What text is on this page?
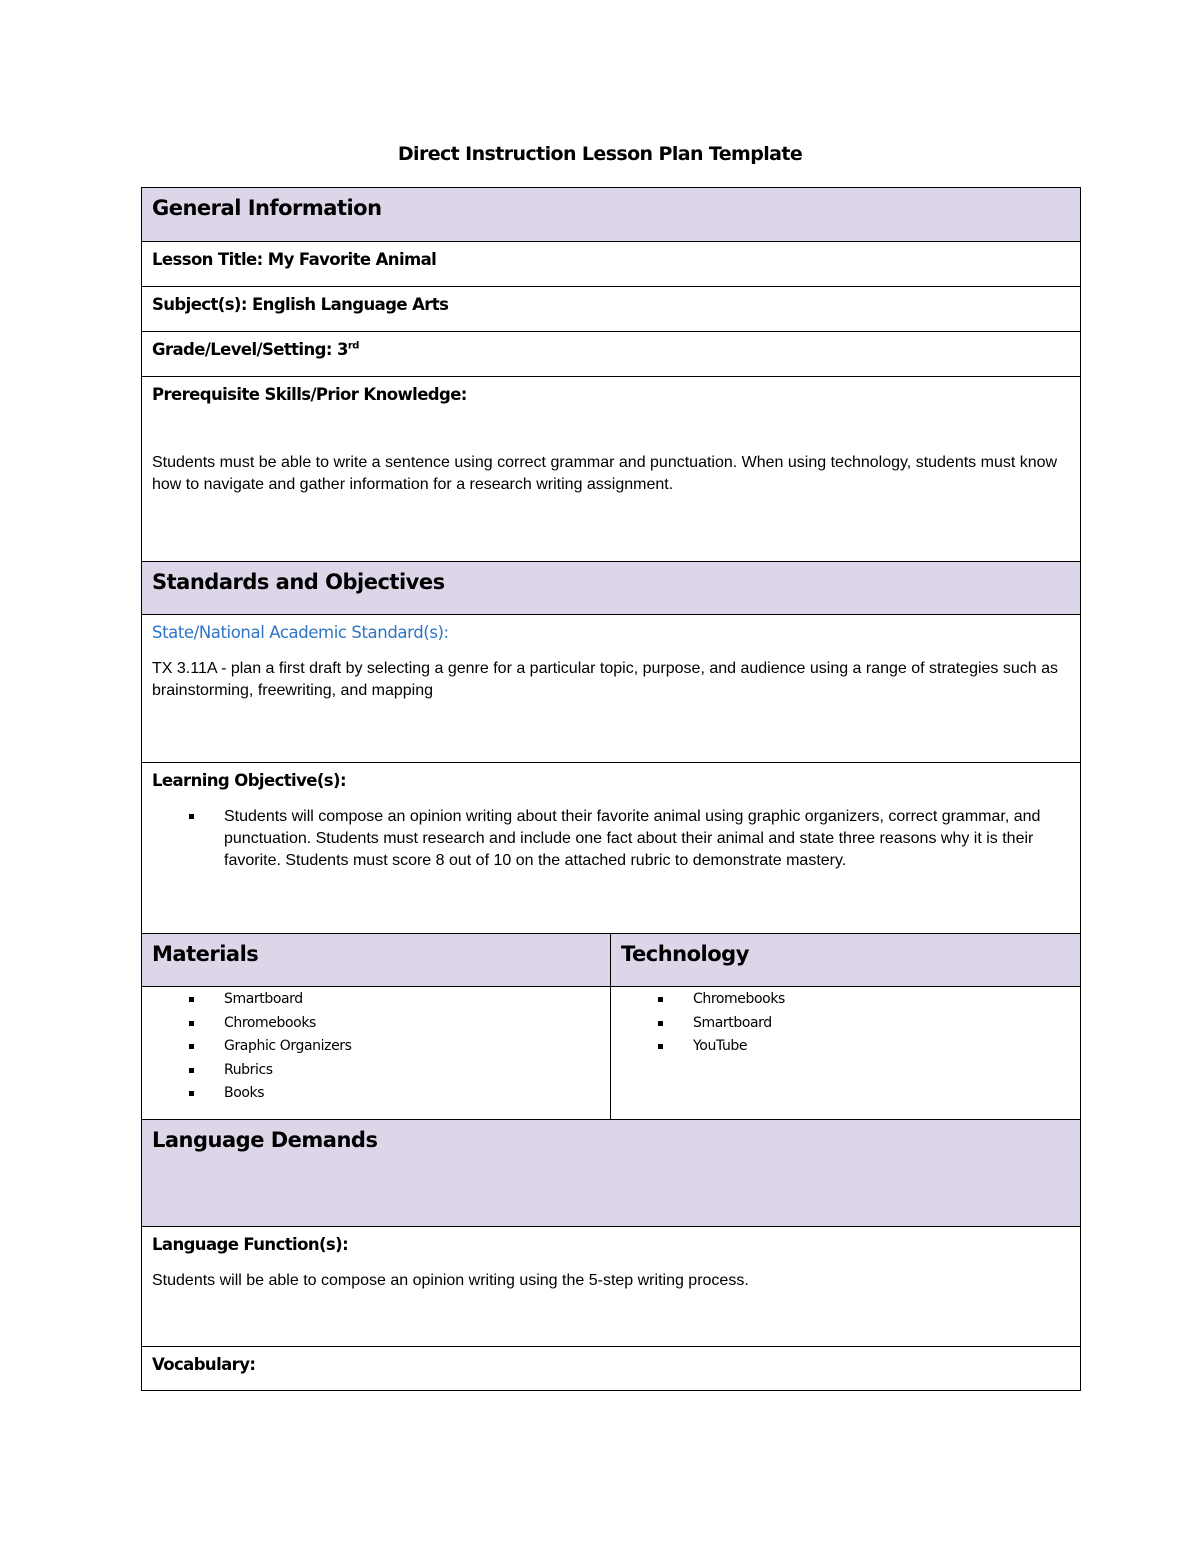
Direct Instruction Lesson Plan Template
General Information
Lesson Title: My Favorite Animal
Subject(s): English Language Arts
Grade/Level/Setting: 3rd
Prerequisite Skills/Prior Knowledge:
Students must be able to write a sentence using correct grammar and punctuation. When using technology, students must know how to navigate and gather information for a research writing assignment.
Standards and Objectives
State/National Academic Standard(s):
TX 3.11A - plan a first draft by selecting a genre for a particular topic, purpose, and audience using a range of strategies such as brainstorming, freewriting, and mapping
Learning Objective(s):
Students will compose an opinion writing about their favorite animal using graphic organizers, correct grammar, and punctuation. Students must research and include one fact about their animal and state three reasons why it is their favorite. Students must score 8 out of 10 on the attached rubric to demonstrate mastery.
Materials	Technology
Smartboard
Chromebooks
Graphic Organizers
Rubrics
Books
Chromebooks
Smartboard
YouTube
Language Demands
Language Function(s):
Students will be able to compose an opinion writing using the 5-step writing process.
Vocabulary:
